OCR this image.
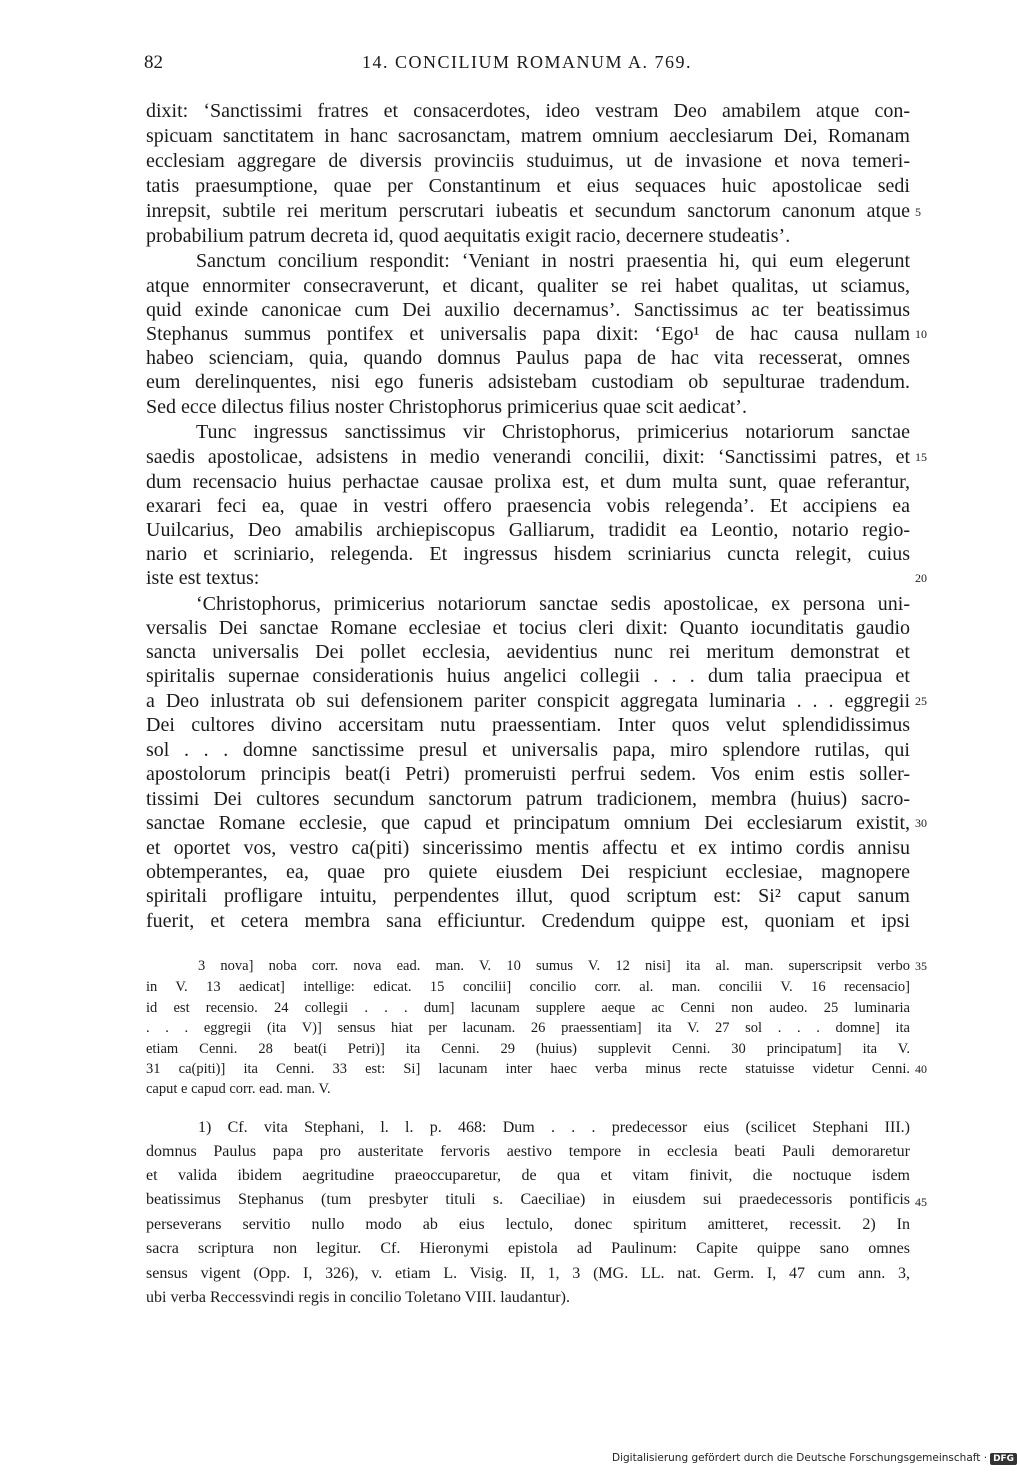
82	14. CONCILIUM ROMANUM A. 769.
dixit: ‘Sanctissimi fratres et consacerdotes, ideo vestram Deo amabilem atque con-
spicuam sanctitatem in hanc sacrosanctam, matrem omnium aecclesiarum Dei, Romanam
ecclesiam aggregare de diversis provinciis studuimus, ut de invasione et nova temeri-
tatis praesumptione, quae per Constantinum et eius sequaces huic apostolicae sedi
inrepsit, subtile rei meritum perscrutari iubeatis et secundum sanctorum canonum atque
probabilium patrum decreta id, quod aequitatis exigit racio, decernere studeatis’.
Sanctum concilium respondit: ‘Veniant in nostri praesentia hi, qui eum elegerunt
atque ennormiter consecraverunt, et dicant, qualiter se rei habet qualitas, ut sciamus,
quid exinde canonicae cum Dei auxilio decernamus’. Sanctissimus ac ter beatissimus
Stephanus summus pontifex et universalis papa dixit: ‘Ego¹ de hac causa nullam
habeo scienciam, quia, quando domnus Paulus papa de hac vita recesserat, omnes
eum derelinquentes, nisi ego funeris adsistebam custodiam ob sepulturae tradendum.
Sed ecce dilectus filius noster Christophorus primicerius quae scit aedicat’.
Tunc ingressus sanctissimus vir Christophorus, primicerius notariorum sanctae
saedis apostolicae, adsistens in medio venerandi concilii, dixit: ‘Sanctissimi patres, et
dum recensacio huius perhactae causae prolixa est, et dum multa sunt, quae referantur,
exarari feci ea, quae in vestri offero praesencia vobis relegenda’. Et accipiens ea
Uuilcarius, Deo amabilis archiepiscopus Galliarum, tradidit ea Leontio, notario regio-
nario et scriniario, relegenda. Et ingressus hisdem scriniarius cuncta relegit, cuius
iste est textus:
‘Christophorus, primicerius notariorum sanctae sedis apostolicae, ex persona uni-
versalis Dei sanctae Romane ecclesiae et tocius cleri dixit: Quanto iocunditatis gaudio
sancta universalis Dei pollet ecclesia, aevidentius nunc rei meritum demonstrat et
spiritalis supernae considerationis huius angelici collegii . . . dum talia praecipua et
a Deo inlustrata ob sui defensionem pariter conspicit aggregata luminaria . . . eggregii
Dei cultores divino accersitam nutu praessentiam. Inter quos velut splendidissimus
sol . . . domne sanctissime presul et universalis papa, miro splendore rutilas, qui
apostolorum principis beat(i Petri) promeruisti perfrui sedem. Vos enim estis soller-
tissimi Dei cultores secundum sanctorum patrum tradicionem, membra (huius) sacro-
sanctae Romane ecclesie, que capud et principatum omnium Dei ecclesiarum existit,
et oportet vos, vestro ca(piti) sincerissimo mentis affectu et ex intimo cordis annisu
obtemperantes, ea, quae pro quiete eiusdem Dei respiciunt ecclesiae, magnopere
spiritali profligare intuitu, perpendentes illut, quod scriptum est: Si² caput sanum
fuerit, et cetera membra sana efficiuntur. Credendum quippe est, quoniam et ipsi
3 nova] noba corr. nova ead. man. V. 10 sumus V. 12 nisi] ita al. man. superscripsit verbo
in V. 13 aedicat] intellige: edicat. 15 concilii] concilio corr. al. man. concilii V. 16 recensacio]
id est recensio. 24 collegii . . . dum] lacunam supplere aeque ac Cenni non audeo. 25 luminaria
. . . eggregii (ita V)] sensus hiat per lacunam. 26 praessentiam] ita V. 27 sol . . . domne] ita
etiam Cenni. 28 beat(i Petri)] ita Cenni. 29 (huius) supplevit Cenni. 30 principatum] ita V.
31 ca(piti)] ita Cenni. 33 est: Si] lacunam inter haec verba minus recte statuisse videtur Cenni.
caput e capud corr. ead. man. V.
1) Cf. vita Stephani, l. l. p. 468: Dum . . . predecessor eius (scilicet Stephani III.)
domnus Paulus papa pro austeritate fervoris aestivo tempore in ecclesia beati Pauli demoraretur
et valida ibidem aegritudine praeoccuparetur, de qua et vitam finivit, die noctuque isdem
beatissimus Stephanus (tum presbyter tituli s. Caeciliae) in eiusdem sui praedecessoris pontificis
perseverans servitio nullo modo ab eius lectulo, donec spiritum amitteret, recessit. 2) In
sacra scriptura non legitur. Cf. Hieronymi epistola ad Paulinum: Capite quippe sano omnes
sensus vigent (Opp. I, 326), v. etiam L. Visig. II, 1, 3 (MG. LL. nat. Germ. I, 47 cum ann. 3,
ubi verba Reccessvindi regis in concilio Toletano VIII. laudantur).
5
10
15
20
25
30
35
40
45
Digitalisierung gefördert durch die Deutsche Forschungsgemeinschaft · DFG
